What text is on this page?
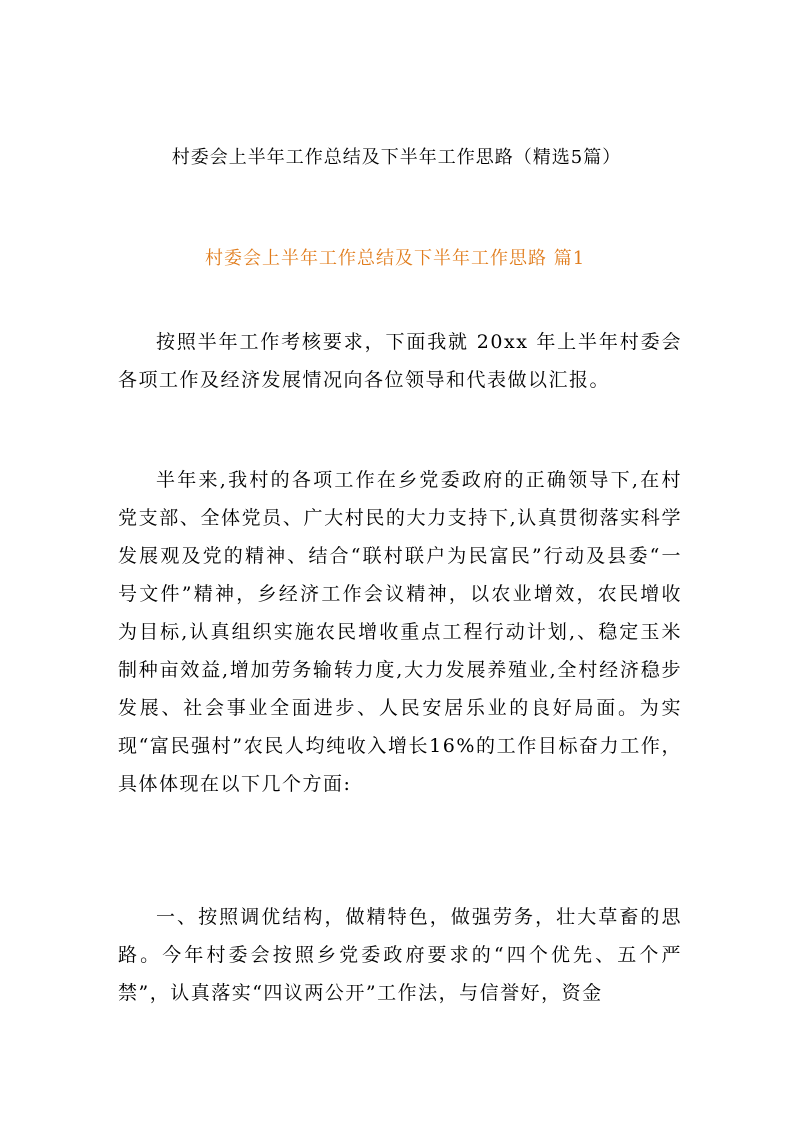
村委会上半年工作总结及下半年工作思路（精选5篇）
村委会上半年工作总结及下半年工作思路 篇1

按照半年工作考核要求，下面我就 20xx 年上半年村委会各项工作及经济发展情况向各位领导和代表做以汇报。

半年来,我村的各项工作在乡党委政府的正确领导下,在村党支部、全体党员、广大村民的大力支持下,认真贯彻落实科学发展观及党的精神、结合“联村联户为民富民”行动及县委“一号文件”精神，乡经济工作会议精神，以农业增效，农民增收为目标,认真组织实施农民增收重点工程行动计划,、稳定玉米制种亩效益,增加劳务输转力度,大力发展养殖业,全村经济稳步发展、社会事业全面进步、人民安居乐业的良好局面。为实现“富民强村”农民人均纯收入增长16%的工作目标奋力工作，具体体现在以下几个方面:

一、按照调优结构，做精特色，做强劳务，壮大草畜的思路。今年村委会按照乡党委政府要求的“四个优先、五个严禁”，认真落实“四议两公开”工作法，与信誉好，资金
